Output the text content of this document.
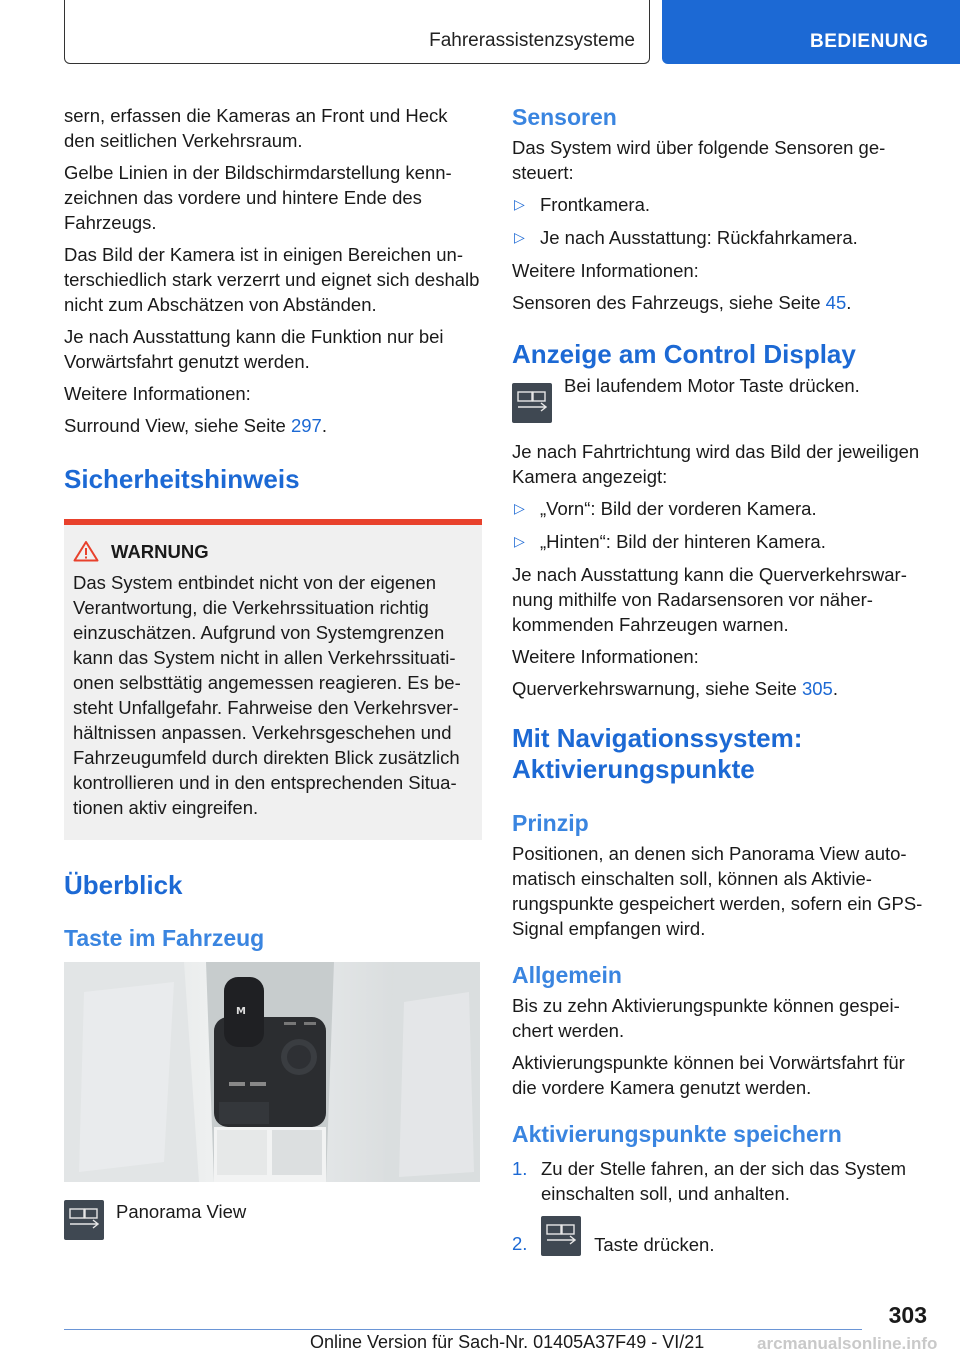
Fahrerassistenzsysteme	BEDIENUNG

sern, erfassen die Kameras an Front und Heck den seitlichen Verkehrsraum.

Gelbe Linien in der Bildschirmdarstellung kennzeichnen das vordere und hintere Ende des Fahrzeugs.

Das Bild der Kamera ist in einigen Bereichen unterschiedlich stark verzerrt und eignet sich deshalb nicht zum Abschätzen von Abständen.

Je nach Ausstattung kann die Funktion nur bei Vorwärtsfahrt genutzt werden.

Weitere Informationen:

Surround View, siehe Seite 297.

Sicherheitshinweis
WARNUNG

Das System entbindet nicht von der eigenen Verantwortung, die Verkehrssituation richtig einzuschätzen. Aufgrund von Systemgrenzen kann das System nicht in allen Verkehrssituationen selbsttätig angemessen reagieren. Es besteht Unfallgefahr. Fahrweise den Verkehrsverhältnissen anpassen. Verkehrsgeschehen und Fahrzeugumfeld durch direkten Blick zusätzlich kontrollieren und in den entsprechenden Situationen aktiv eingreifen.

Überblick
Taste im Fahrzeug
M
Panorama View
Sensoren

Das System wird über folgende Sensoren gesteuert:

▷ Frontkamera.
▷ Je nach Ausstattung: Rückfahrkamera.

Weitere Informationen:

Sensoren des Fahrzeugs, siehe Seite 45.

Anzeige am Control Display
Bei laufendem Motor Taste drücken.

Je nach Fahrtrichtung wird das Bild der jeweiligen Kamera angezeigt:

▷ „Vorn“: Bild der vorderen Kamera.
▷ „Hinten“: Bild der hinteren Kamera.

Je nach Ausstattung kann die Querverkehrswarnung mithilfe von Radarsensoren vor näherkommenden Fahrzeugen warnen.

Weitere Informationen:

Querverkehrswarnung, siehe Seite 305.

Mit Navigationssystem: Aktivierungspunkte
Prinzip

Positionen, an denen sich Panorama View automatisch einschalten soll, können als Aktivierungspunkte gespeichert werden, sofern ein GPS-Signal empfangen wird.

Allgemein

Bis zu zehn Aktivierungspunkte können gespeichert werden.

Aktivierungspunkte können bei Vorwärtsfahrt für die vordere Kamera genutzt werden.

Aktivierungspunkte speichern
1. Zu der Stelle fahren, an der sich das System einschalten soll, und anhalten.
2.	Taste drücken.
303
Online Version für Sach-Nr. 01405A37F49 - VI/21	arcmanualsonline.info
